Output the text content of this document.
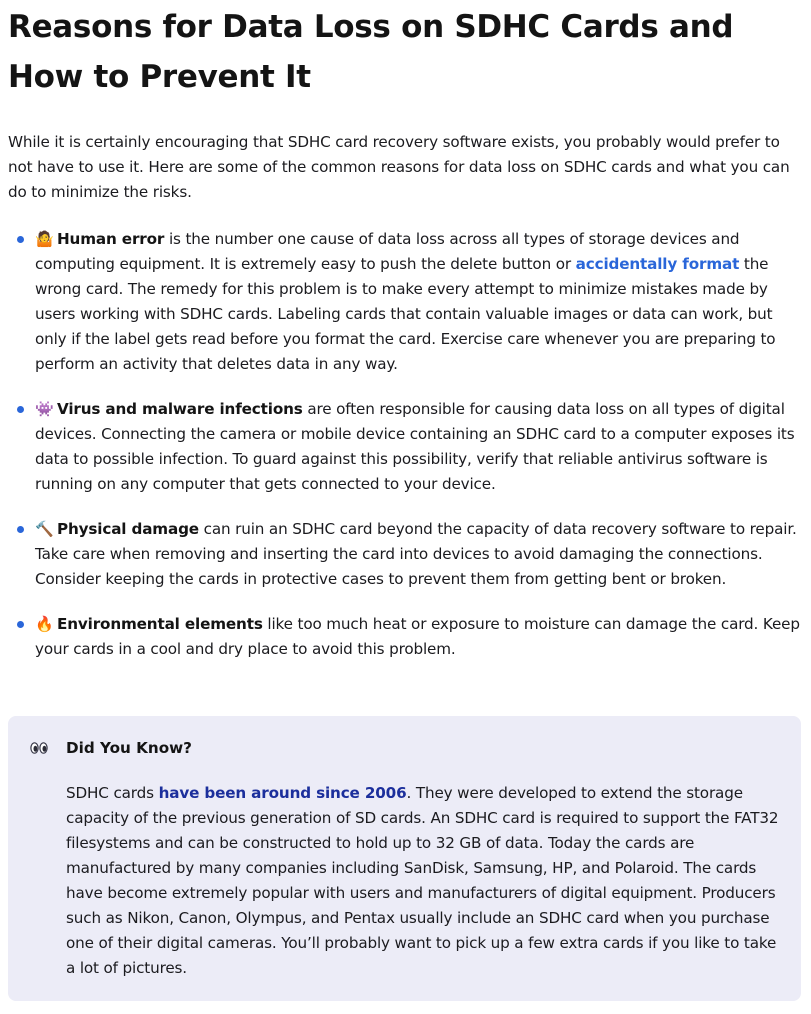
Reasons for Data Loss on SDHC Cards and How to Prevent It

While it is certainly encouraging that SDHC card recovery software exists, you probably would prefer to not have to use it. Here are some of the common reasons for data loss on SDHC cards and what you can do to minimize the risks.

🤷 Human error is the number one cause of data loss across all types of storage devices and computing equipment. It is extremely easy to push the delete button or accidentally format the wrong card. The remedy for this problem is to make every attempt to minimize mistakes made by users working with SDHC cards. Labeling cards that contain valuable images or data can work, but only if the label gets read before you format the card. Exercise care whenever you are preparing to perform an activity that deletes data in any way.
👾 Virus and malware infections are often responsible for causing data loss on all types of digital devices. Connecting the camera or mobile device containing an SDHC card to a computer exposes its data to possible infection. To guard against this possibility, verify that reliable antivirus software is running on any computer that gets connected to your device.
🔨 Physical damage can ruin an SDHC card beyond the capacity of data recovery software to repair. Take care when removing and inserting the card into devices to avoid damaging the connections. Consider keeping the cards in protective cases to prevent them from getting bent or broken.
🔥 Environmental elements like too much heat or exposure to moisture can damage the card. Keep your cards in a cool and dry place to avoid this problem.
Did You Know?

SDHC cards have been around since 2006. They were developed to extend the storage capacity of the previous generation of SD cards. An SDHC card is required to support the FAT32 filesystems and can be constructed to hold up to 32 GB of data. Today the cards are manufactured by many companies including SanDisk, Samsung, HP, and Polaroid. The cards have become extremely popular with users and manufacturers of digital equipment. Producers such as Nikon, Canon, Olympus, and Pentax usually include an SDHC card when you purchase one of their digital cameras. You’ll probably want to pick up a few extra cards if you like to take a lot of pictures.
